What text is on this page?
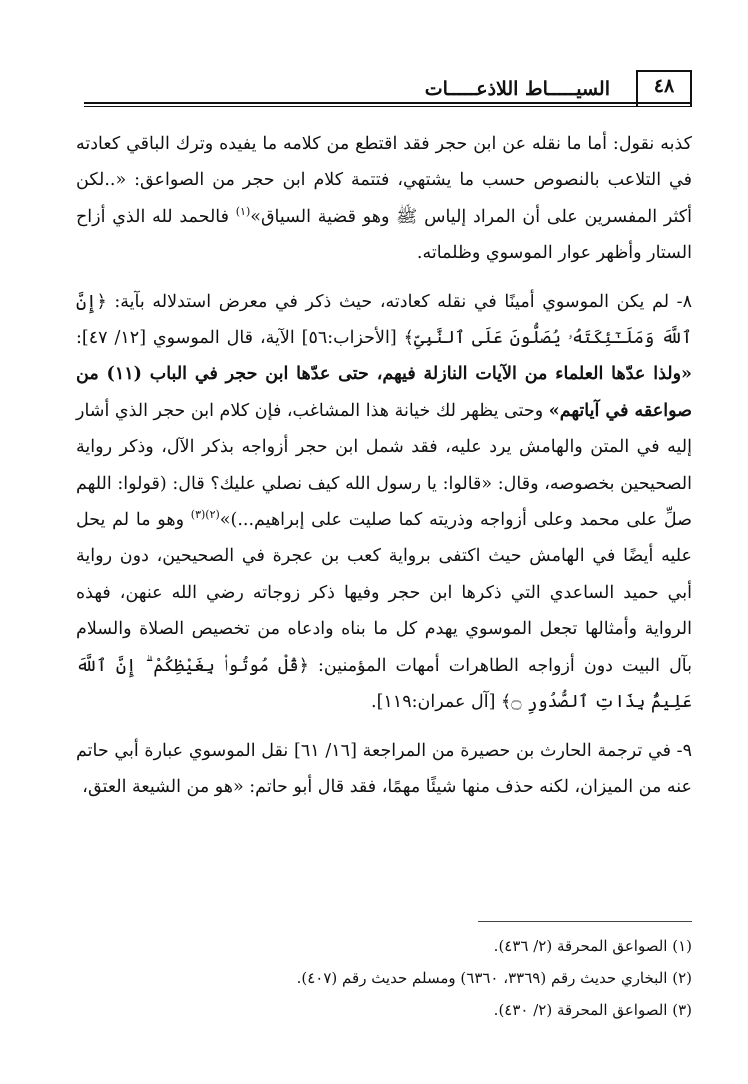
٤٨
السيـــــاط اللاذعـــــات

كذبه نقول: أما ما نقله عن ابن حجر فقد اقتطع من كلامه ما يفيده وترك الباقي كعادته في التلاعب بالنصوص حسب ما يشتهي، فتتمة كلام ابن حجر من الصواعق: «..لكن أكثر المفسرين على أن المراد إلياس ﷺ وهو قضية السياق»$^{(١)}$ فالحمد لله الذي أزاح الستار وأظهر عوار الموسوي وظلماته.

٨- لم يكن الموسوي أمينًا في نقله كعادته، حيث ذكر في معرض استدلاله بآية: ﴿إِنَّ ٱللَّهَ وَمَلَـٰٓئِكَتَهُۥ يُصَلُّونَ عَلَى ٱلنَّبِىِّ﴾ [الأحزاب:٥٦] الآية، قال الموسوي [١٢/ ٤٧]: «ولذا عدّها العلماء من الآيات النازلة فيهم، حتى عدّها ابن حجر في الباب (١١) من صواعقه في آياتهم» وحتى يظهر لك خيانة هذا المشاغب، فإن كلام ابن حجر الذي أشار إليه في المتن والهامش يرد عليه، فقد شمل ابن حجر أزواجه بذكر الآل، وذكر رواية الصحيحين بخصوصه، وقال: «قالوا: يا رسول الله كيف نصلي عليك؟ قال: (قولوا: اللهم صلِّ على محمد وعلى أزواجه وذريته كما صليت على إبراهيم...)»$^{(٢)(٣)}$ وهو ما لم يحل عليه أيضًا في الهامش حيث اكتفى برواية كعب بن عجرة في الصحيحين، دون رواية أبي حميد الساعدي التي ذكرها ابن حجر وفيها ذكر زوجاته رضي الله عنهن، فهذه الرواية وأمثالها تجعل الموسوي يهدم كل ما بناه وادعاه من تخصيص الصلاة والسلام بآل البيت دون أزواجه الطاهرات أمهات المؤمنين: ﴿قُلْ مُوتُوا۟ بِغَيْظِكُمْ ۗ إِنَّ ٱللَّهَ عَلِيمٌۢ بِذَاتِ ٱلصُّدُورِ ۝﴾ [آل عمران:١١٩].

٩- في ترجمة الحارث بن حصيرة من المراجعة [١٦/ ٦١] نقل الموسوي عبارة أبي حاتم عنه من الميزان، لكنه حذف منها شيئًا مهمًا، فقد قال أبو حاتم: «هو من الشيعة العتق،

(١) الصواعق المحرقة (٢/ ٤٣٦).

(٢) البخاري حديث رقم (٣٣٦٩، ٦٣٦٠) ومسلم حديث رقم (٤٠٧).

(٣) الصواعق المحرقة (٢/ ٤٣٠).
